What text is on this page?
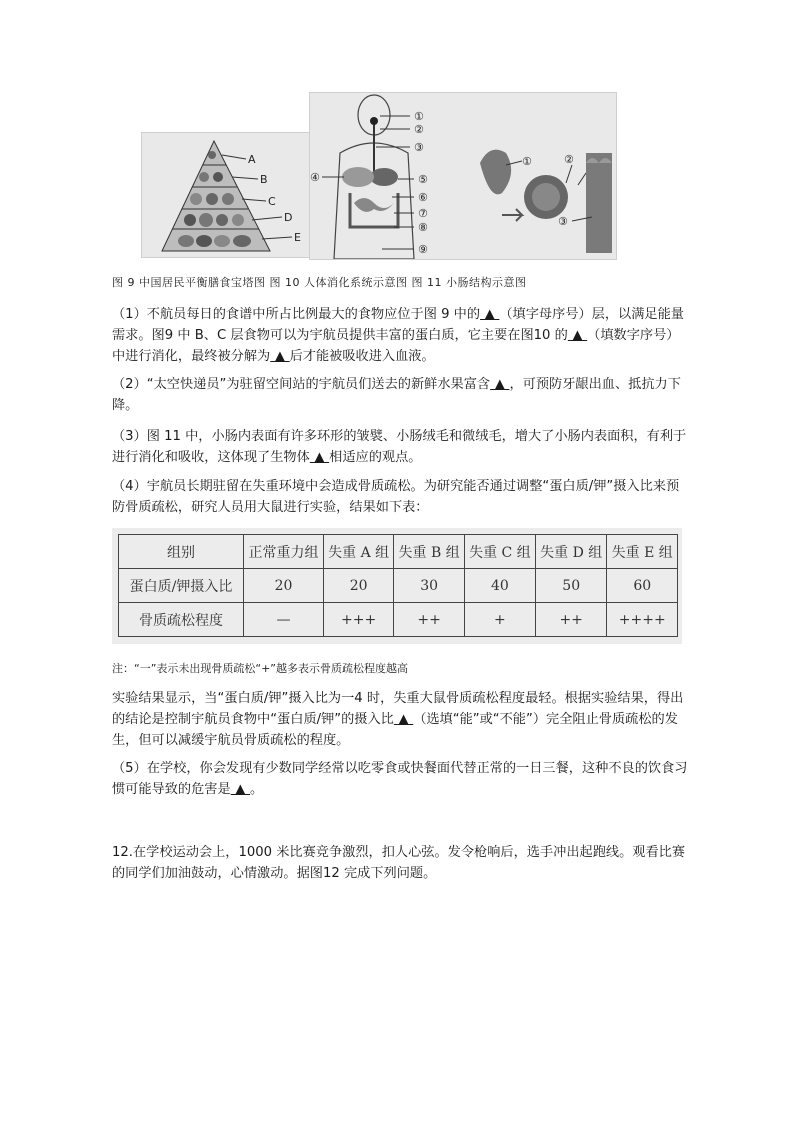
A
B
C
D
E
①
②
③
④	⑤
⑥
⑦
⑧
⑨
①	②
③
图 9 中国居民平衡膳食宝塔图 图 10 人体消化系统示意图 图 11 小肠结构示意图

（1）不航员每日的食谱中所占比例最大的食物应位于图 9 中的 ▲ （填字母序号）层，以满足能量需求。图9 中 B、C 层食物可以为宇航员提供丰富的蛋白质，它主要在图10 的 ▲ （填数字序号）中进行消化，最终被分解为 ▲ 后才能被吸收进入血液。

（2）“太空快递员”为驻留空间站的宇航员们送去的新鲜水果富含 ▲ ，可预防牙龈出血、抵抗力下降。

（3）图 11 中，小肠内表面有许多环形的皱襞、小肠绒毛和微绒毛，增大了小肠内表面积，有利于进行消化和吸收，这体现了生物体 ▲ 相适应的观点。

（4）宇航员长期驻留在失重环境中会造成骨质疏松。为研究能否通过调整“蛋白质/钾”摄入比来预防骨质疏松，研究人员用大鼠进行实验，结果如下表：

组别	正常重力组	失重 A 组	失重 B 组	失重 C 组	失重 D 组	失重 E 组
蛋白质/钾摄入比	20	20	30	40	50	60
骨质疏松程度	—	+++	++	+	++	++++
注：“一”表示未出现骨质疏松“+”越多表示骨质疏松程度越高

实验结果显示，当“蛋白质/钾”摄入比为一4 时，失重大鼠骨质疏松程度最轻。根据实验结果，得出的结论是控制宇航员食物中“蛋白质/钾”的摄入比 ▲ （选填“能”或“不能”）完全阻止骨质疏松的发生，但可以减缓宇航员骨质疏松的程度。

（5）在学校，你会发现有少数同学经常以吃零食或快餐面代替正常的一日三餐，这种不良的饮食习惯可能导致的危害是 ▲ 。

12.在学校运动会上，1000 米比赛竞争激烈，扣人心弦。发令枪响后，选手冲出起跑线。观看比赛的同学们加油鼓动，心情激动。据图12 完成下列问题。
